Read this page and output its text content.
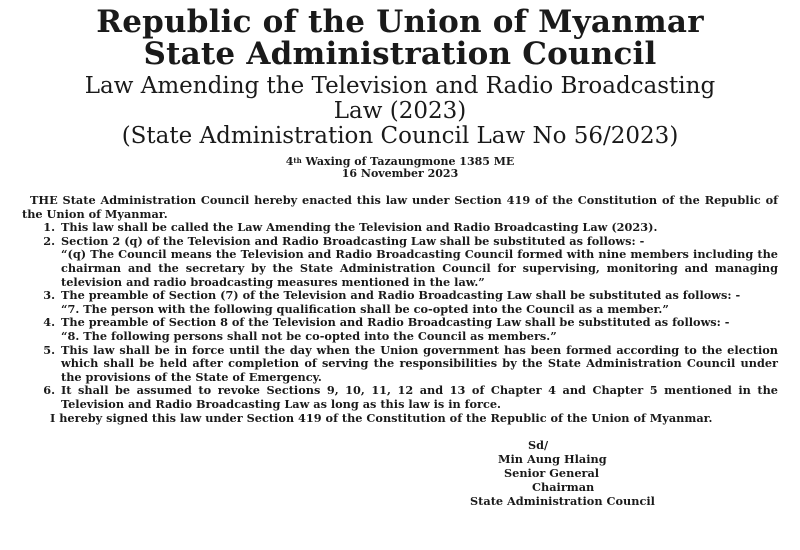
Republic of the Union of Myanmar
State Administration Council
Law Amending the Television and Radio Broadcasting
Law (2023)
(State Administration Council Law No 56/2023)
4th Waxing of Tazaungmone 1385 ME
16 November 2023

THE State Administration Council hereby enacted this law under Section 419 of the Constitution of the Republic of the Union of Myanmar.

1. This law shall be called the Law Amending the Television and Radio Broadcasting Law (2023).
2. Section 2 (q) of the Television and Radio Broadcasting Law shall be substituted as follows: -
“(q) The Council means the Television and Radio Broadcasting Council formed with nine members including the chairman and the secretary by the State Administration Council for supervising, monitoring and managing television and radio broadcasting measures mentioned in the law.”
3. The preamble of Section (7) of the Television and Radio Broadcasting Law shall be substituted as follows: -
“7. The person with the following qualification shall be co-opted into the Council as a member.”
4. The preamble of Section 8 of the Television and Radio Broadcasting Law shall be substituted as follows: -
“8. The following persons shall not be co-opted into the Council as members.”
5. This law shall be in force until the day when the Union government has been formed according to the election which shall be held after completion of serving the responsibilities by the State Administration Council under the provisions of the State of Emergency.
6. It shall be assumed to revoke Sections 9, 10, 11, 12 and 13 of Chapter 4 and Chapter 5 mentioned in the Television and Radio Broadcasting Law as long as this law is in force.

I hereby signed this law under Section 419 of the Constitution of the Republic of the Union of Myanmar.

Sd/
Min Aung Hlaing
Senior General
Chairman
State Administration Council
